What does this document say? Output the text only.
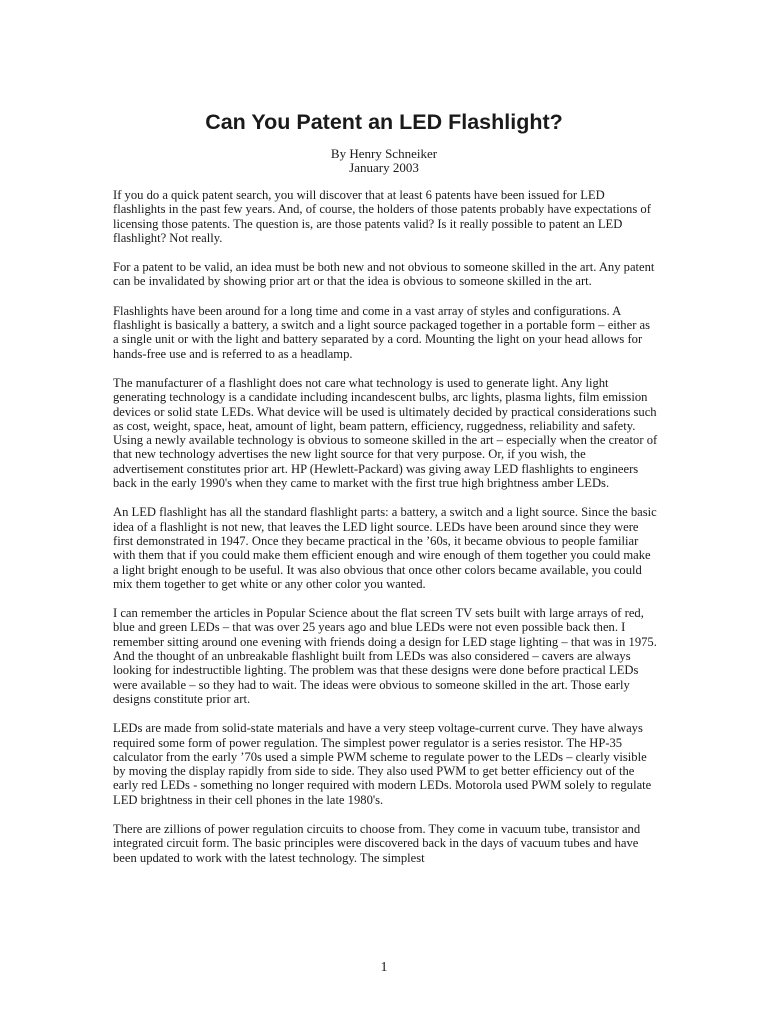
Can You Patent an LED Flashlight?
By Henry Schneiker
January 2003

If you do a quick patent search, you will discover that at least 6 patents have been issued for LED flashlights in the past few years. And, of course, the holders of those patents probably have expectations of licensing those patents. The question is, are those patents valid? Is it really possible to patent an LED flashlight? Not really.

For a patent to be valid, an idea must be both new and not obvious to someone skilled in the art. Any patent can be invalidated by showing prior art or that the idea is obvious to someone skilled in the art.

Flashlights have been around for a long time and come in a vast array of styles and configurations. A flashlight is basically a battery, a switch and a light source packaged together in a portable form – either as a single unit or with the light and battery separated by a cord. Mounting the light on your head allows for hands-free use and is referred to as a headlamp.

The manufacturer of a flashlight does not care what technology is used to generate light. Any light generating technology is a candidate including incandescent bulbs, arc lights, plasma lights, film emission devices or solid state LEDs. What device will be used is ultimately decided by practical considerations such as cost, weight, space, heat, amount of light, beam pattern, efficiency, ruggedness, reliability and safety. Using a newly available technology is obvious to someone skilled in the art – especially when the creator of that new technology advertises the new light source for that very purpose. Or, if you wish, the advertisement constitutes prior art. HP (Hewlett-Packard) was giving away LED flashlights to engineers back in the early 1990's when they came to market with the first true high brightness amber LEDs.

An LED flashlight has all the standard flashlight parts: a battery, a switch and a light source. Since the basic idea of a flashlight is not new, that leaves the LED light source. LEDs have been around since they were first demonstrated in 1947. Once they became practical in the ’60s, it became obvious to people familiar with them that if you could make them efficient enough and wire enough of them together you could make a light bright enough to be useful. It was also obvious that once other colors became available, you could mix them together to get white or any other color you wanted.

I can remember the articles in Popular Science about the flat screen TV sets built with large arrays of red, blue and green LEDs – that was over 25 years ago and blue LEDs were not even possible back then. I remember sitting around one evening with friends doing a design for LED stage lighting – that was in 1975. And the thought of an unbreakable flashlight built from LEDs was also considered – cavers are always looking for indestructible lighting. The problem was that these designs were done before practical LEDs were available – so they had to wait. The ideas were obvious to someone skilled in the art. Those early designs constitute prior art.

LEDs are made from solid-state materials and have a very steep voltage-current curve. They have always required some form of power regulation. The simplest power regulator is a series resistor. The HP-35 calculator from the early ’70s used a simple PWM scheme to regulate power to the LEDs – clearly visible by moving the display rapidly from side to side. They also used PWM to get better efficiency out of the early red LEDs - something no longer required with modern LEDs. Motorola used PWM solely to regulate LED brightness in their cell phones in the late 1980's.

There are zillions of power regulation circuits to choose from. They come in vacuum tube, transistor and integrated circuit form. The basic principles were discovered back in the days of vacuum tubes and have been updated to work with the latest technology. The simplest

1
